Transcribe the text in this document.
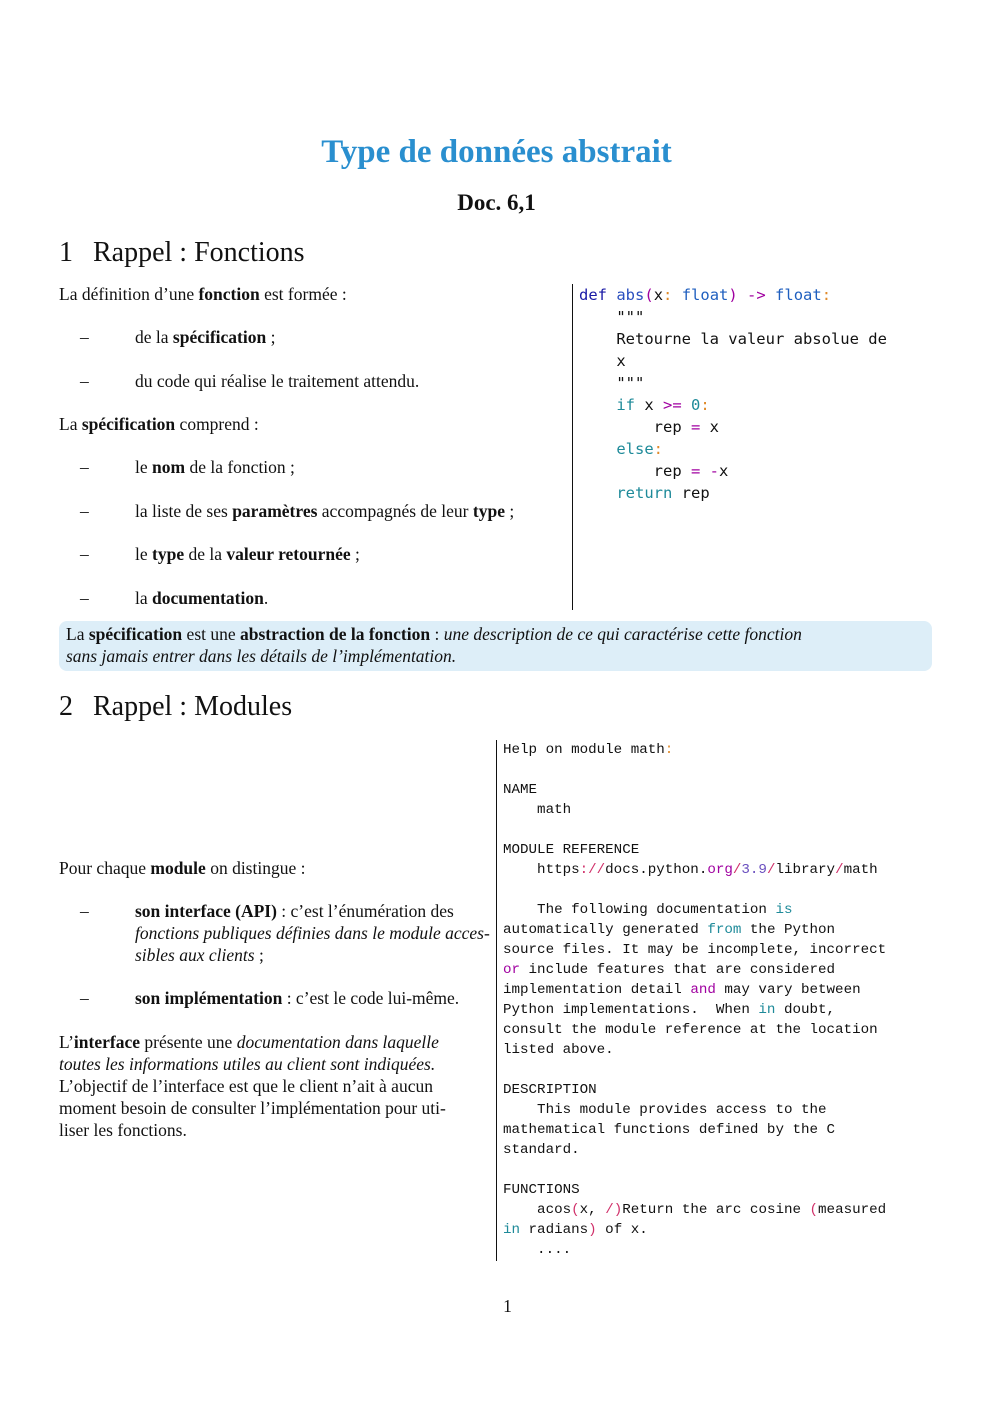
Type de données abstrait
Doc. 6,1
1 Rappel : Fonctions
La définition d’une fonction est formée :
–	de la spécification ;
–	du code qui réalise le traitement attendu.
La spécification comprend :
–	le nom de la fonction ;
–	la liste de ses paramètres accompagnés de leur type ;
–	le type de la valeur retournée ;
–	la documentation.
def abs(x: float) -> float:
"""
Retourne la valeur absolue de
x
"""
if x >= 0:
rep = x
else:
rep = -x
return rep
La spécification est une abstraction de la fonction : une description de ce qui caractérise cette fonction
sans jamais entrer dans les détails de l’implémentation.
2 Rappel : Modules
Pour chaque module on distingue :
–	son interface (API) : c’est l’énumération des
fonctions publiques définies dans le module acces-
sibles aux clients ;
–	son implémentation : c’est le code lui-même.
L’interface présente une documentation dans laquelle
toutes les informations utiles au client sont indiquées.
L’objectif de l’interface est que le client n’ait à aucun
moment besoin de consulter l’implémentation pour uti-
liser les fonctions.
Help on module math:

NAME
math

MODULE REFERENCE
https://docs.python.org/3.9/library/math

The following documentation is
automatically generated from the Python
source files. It may be incomplete, incorrect
or include features that are considered
implementation detail and may vary between
Python implementations.  When in doubt,
consult the module reference at the location
listed above.

DESCRIPTION
This module provides access to the
mathematical functions defined by the C
standard.

FUNCTIONS
acos(x, /)Return the arc cosine (measured
in radians) of x.
....
1
